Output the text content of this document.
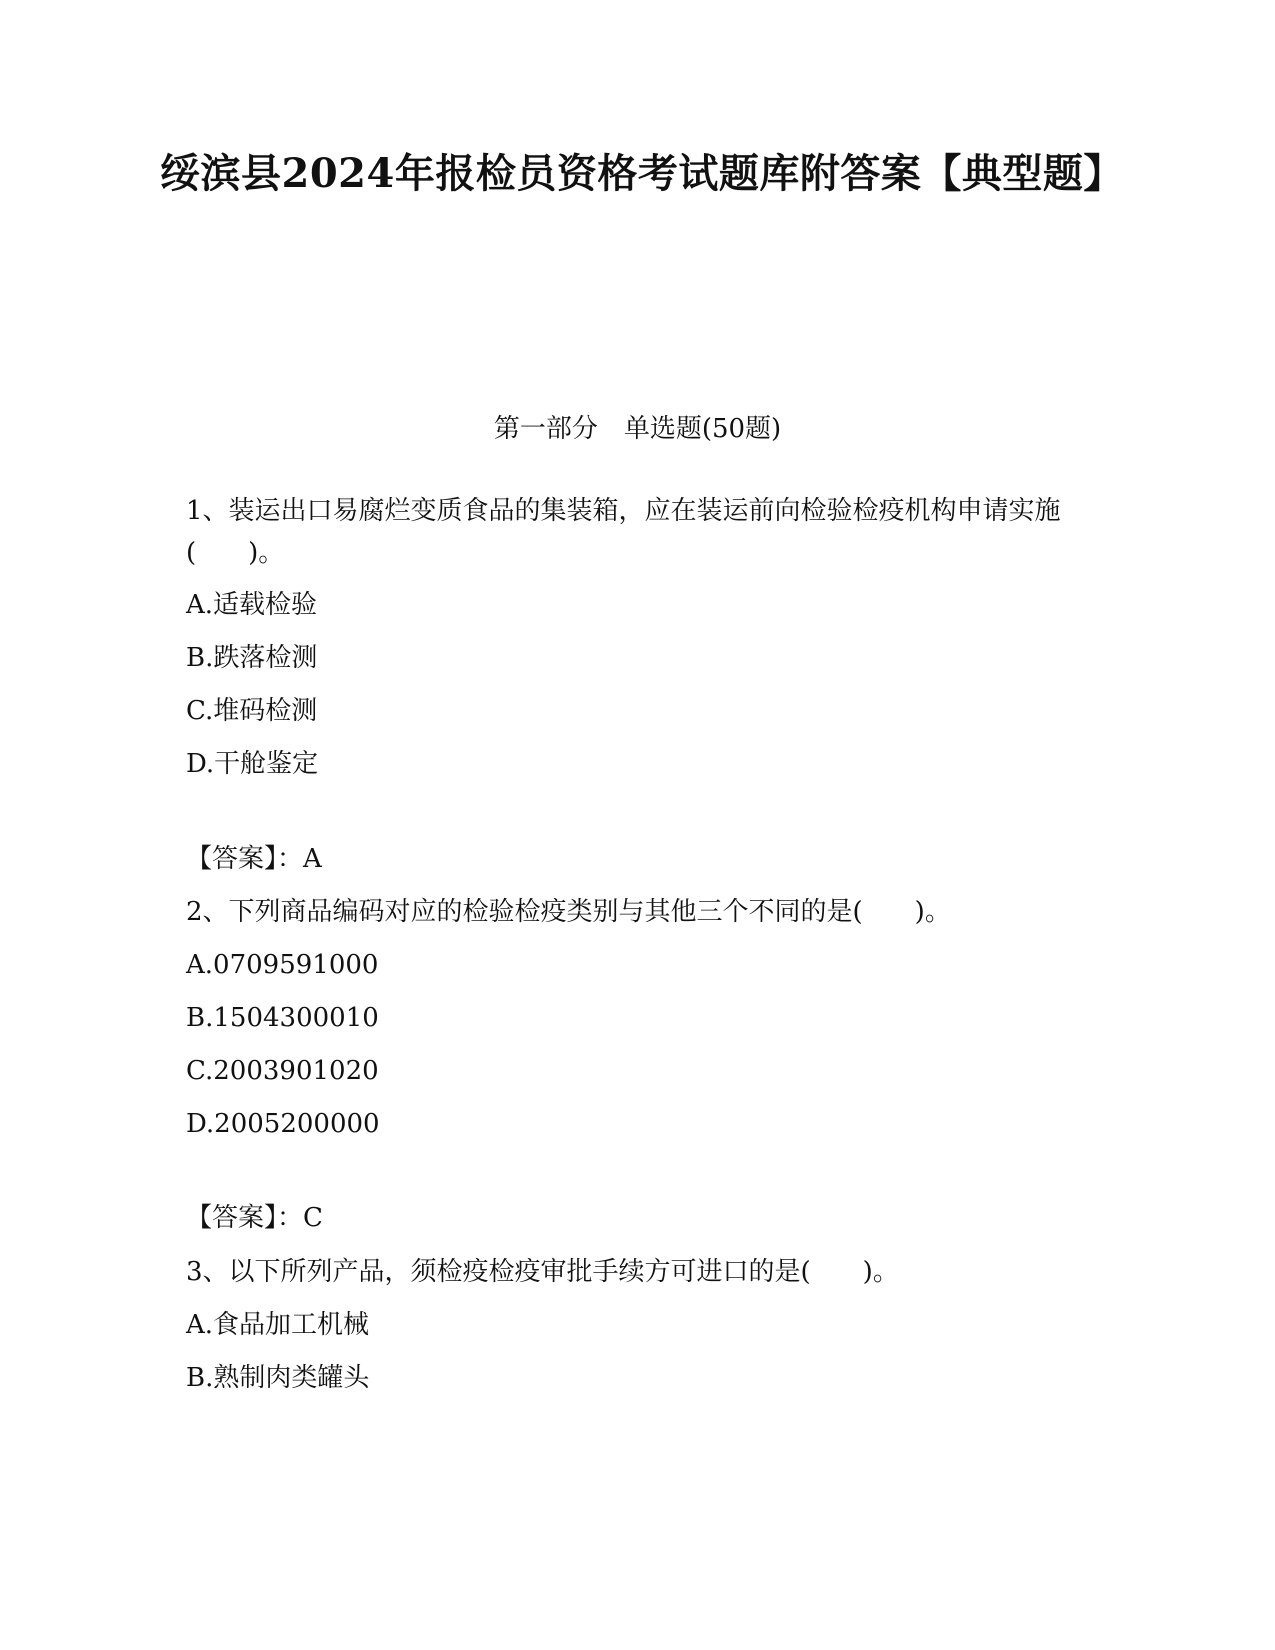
绥滨县2024年报检员资格考试题库附答案【典型题】
第一部分　单选题(50题)
1、装运出口易腐烂变质食品的集装箱，应在装运前向检验检疫机构申请实施(　　)。
A.适载检验
B.跌落检测
C.堆码检测
D.干舱鉴定
【答案】：A
2、下列商品编码对应的检验检疫类别与其他三个不同的是(　　)。
A.0709591000
B.1504300010
C.2003901020
D.2005200000
【答案】：C
3、以下所列产品，须检疫检疫审批手续方可进口的是(　　)。
A.食品加工机械
B.熟制肉类罐头
